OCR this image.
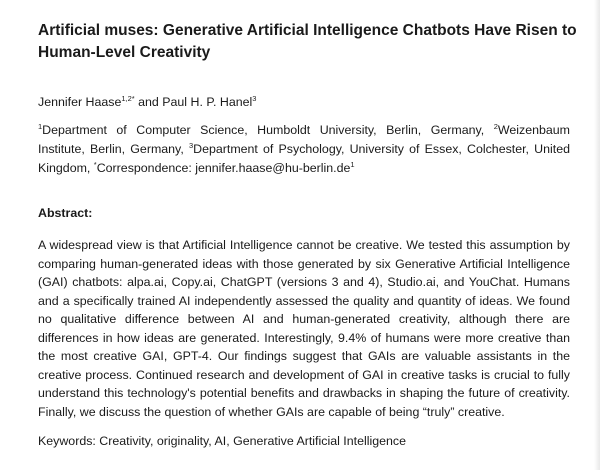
Artificial muses: Generative Artificial Intelligence Chatbots Have Risen to Human-Level Creativity
Jennifer Haase$^{1,2*}$ and Paul H. P. Hanel$^3$
$^1$Department of Computer Science, Humboldt University, Berlin, Germany, $^2$Weizenbaum Institute, Berlin, Germany, $^3$Department of Psychology, University of Essex, Colchester, United Kingdom, *Correspondence: $jennifer.haase@hu-berlin.de^1$
Abstract:
A widespread view is that Artificial Intelligence cannot be creative. We tested this assumption by comparing human-generated ideas with those generated by six Generative Artificial Intelligence (GAI) chatbots: alpa.ai, Copy.ai, ChatGPT (versions 3 and 4), Studio.ai, and YouChat. Humans and a specifically trained AI independently assessed the quality and quantity of ideas. We found no qualitative difference between AI and human-generated creativity, although there are differences in how ideas are generated. Interestingly, 9.4% of humans were more creative than the most creative GAI, GPT-4. Our findings suggest that GAIs are valuable assistants in the creative process. Continued research and development of GAI in creative tasks is crucial to fully understand this technology's potential benefits and drawbacks in shaping the future of creativity. Finally, we discuss the question of whether GAIs are capable of being “truly” creative.
Keywords: Creativity, originality, AI, Generative Artificial Intelligence
